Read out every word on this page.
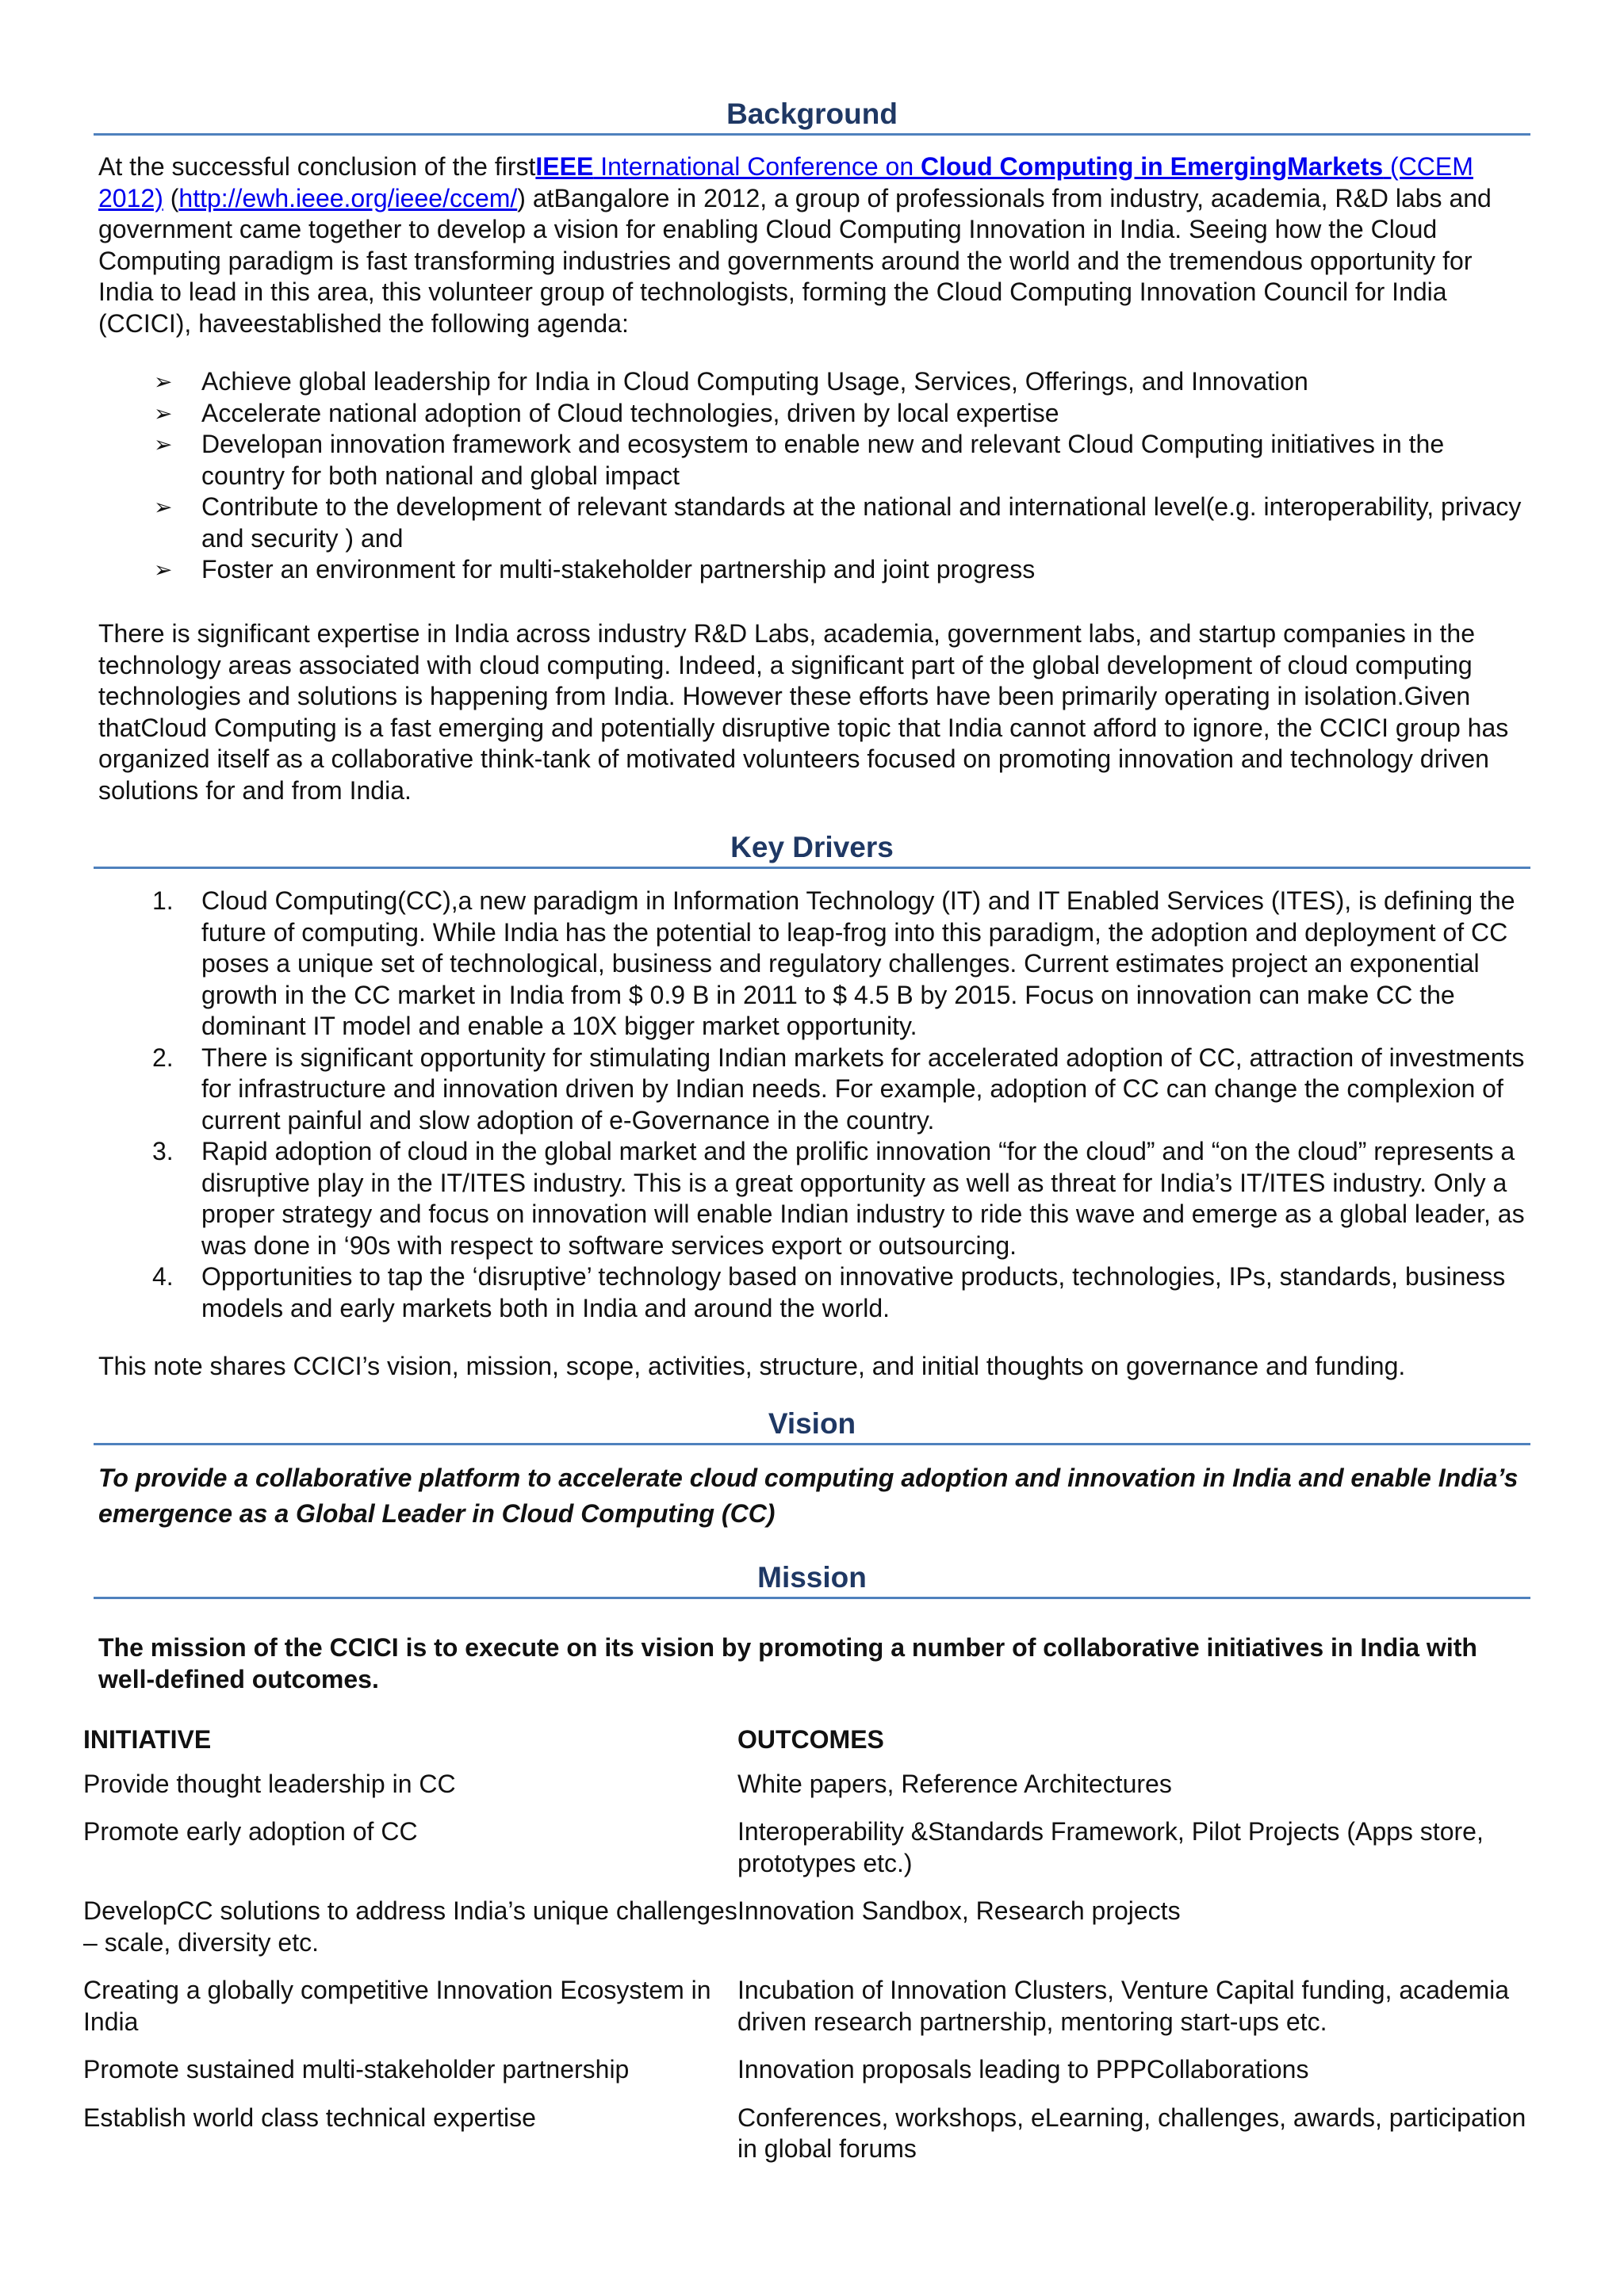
Background

At the successful conclusion of the firstIEEE International Conference on Cloud Computing in EmergingMarkets (CCEM 2012) (http://ewh.ieee.org/ieee/ccem/) atBangalore in 2012, a group of professionals from industry, academia, R&D labs and government came together to develop a vision for enabling Cloud Computing Innovation in India. Seeing how the Cloud Computing paradigm is fast transforming industries and governments around the world and the tremendous opportunity for India to lead in this area, this volunteer group of technologists, forming the Cloud Computing Innovation Council for India (CCICI), haveestablished the following agenda:

➢ Achieve global leadership for India in Cloud Computing Usage, Services, Offerings, and Innovation
➢ Accelerate national adoption of Cloud technologies, driven by local expertise
➢ Developan innovation framework and ecosystem to enable new and relevant Cloud Computing initiatives in the country for both national and global impact
➢ Contribute to the development of relevant standards at the national and international level(e.g. interoperability, privacy and security ) and
➢ Foster an environment for multi-stakeholder partnership and joint progress

There is significant expertise in India across industry R&D Labs, academia, government labs, and startup companies in the technology areas associated with cloud computing. Indeed, a significant part of the global development of cloud computing technologies and solutions is happening from India. However these efforts have been primarily operating in isolation.Given thatCloud Computing is a fast emerging and potentially disruptive topic that India cannot afford to ignore, the CCICI group has organized itself as a collaborative think-tank of motivated volunteers focused on promoting innovation and technology driven solutions for and from India.

Key Drivers
1. Cloud Computing(CC),a new paradigm in Information Technology (IT) and IT Enabled Services (ITES), is defining the future of computing. While India has the potential to leap-frog into this paradigm, the adoption and deployment of CC poses a unique set of technological, business and regulatory challenges. Current estimates project an exponential growth in the CC market in India from $ 0.9 B in 2011 to $ 4.5 B by 2015. Focus on innovation can make CC the dominant IT model and enable a 10X bigger market opportunity.
2. There is significant opportunity for stimulating Indian markets for accelerated adoption of CC, attraction of investments for infrastructure and innovation driven by Indian needs. For example, adoption of CC can change the complexion of current painful and slow adoption of e-Governance in the country.
3. Rapid adoption of cloud in the global market and the prolific innovation “for the cloud” and “on the cloud” represents a disruptive play in the IT/ITES industry. This is a great opportunity as well as threat for India’s IT/ITES industry. Only a proper strategy and focus on innovation will enable Indian industry to ride this wave and emerge as a global leader, as was done in ‘90s with respect to software services export or outsourcing.
4. Opportunities to tap the ‘disruptive’ technology based on innovative products, technologies, IPs, standards, business models and early markets both in India and around the world.

This note shares CCICI’s vision, mission, scope, activities, structure, and initial thoughts on governance and funding.

Vision
To provide a collaborative platform to accelerate cloud computing adoption and innovation in India and enable India’s emergence as a Global Leader in Cloud Computing (CC)
Mission
The mission of the CCICI is to execute on its vision by promoting a number of collaborative initiatives in India with well-defined outcomes.
INITIATIVE	OUTCOMES
Provide thought leadership in CC	White papers, Reference Architectures
Promote early adoption of CC	Interoperability &Standards Framework, Pilot Projects (Apps store, prototypes etc.)
DevelopCC solutions to address India’s unique challenges – scale, diversity etc.	Innovation Sandbox, Research projects
Creating a globally competitive Innovation Ecosystem in India	Incubation of Innovation Clusters, Venture Capital funding, academia driven research partnership, mentoring start-ups etc.
Promote sustained multi-stakeholder partnership	Innovation proposals leading to PPPCollaborations
Establish world class technical expertise	Conferences, workshops, eLearning, challenges, awards, participation in global forums
